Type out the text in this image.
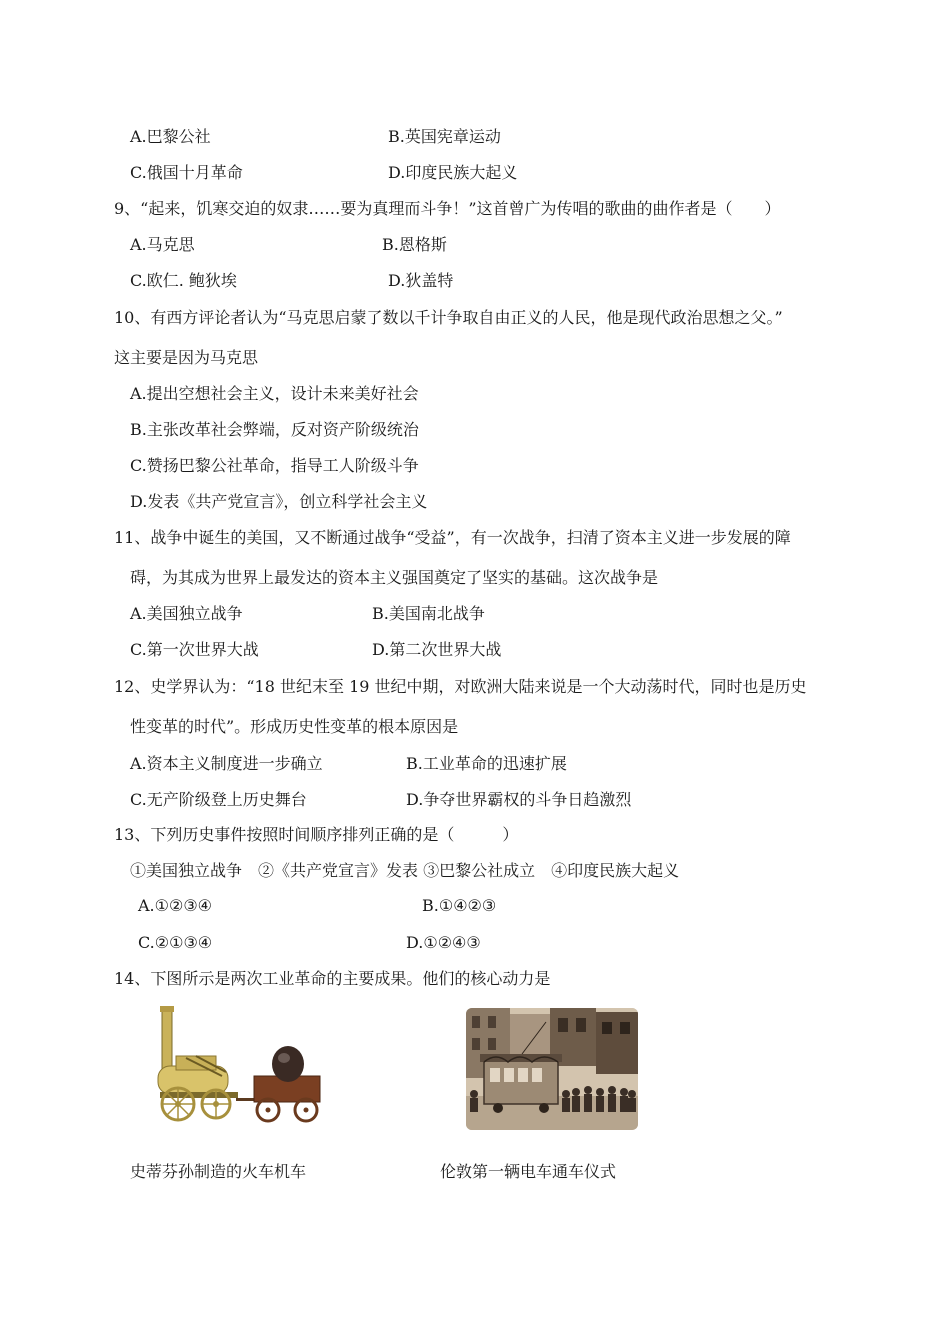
A.巴黎公社	B.英国宪章运动
C.俄国十月革命	D.印度民族大起义
9、“起来，饥寒交迫的奴隶……要为真理而斗争！”这首曾广为传唱的歌曲的曲作者是（　　）
A.马克思	B.恩格斯
C.欧仁. 鲍狄埃	D.狄盖特
10、有西方评论者认为“马克思启蒙了数以千计争取自由正义的人民，他是现代政治思想之父。”
这主要是因为马克思
A.提出空想社会主义，设计未来美好社会
B.主张改革社会弊端，反对资产阶级统治
C.赞扬巴黎公社革命，指导工人阶级斗争
D.发表《共产党宣言》，创立科学社会主义
11、战争中诞生的美国，又不断通过战争“受益”，有一次战争，扫清了资本主义进一步发展的障
碍，为其成为世界上最发达的资本主义强国奠定了坚实的基础。这次战争是
A.美国独立战争	B.美国南北战争
C.第一次世界大战	D.第二次世界大战
12、史学界认为：“18 世纪末至 19 世纪中期，对欧洲大陆来说是一个大动荡时代，同时也是历史
性变革的时代”。形成历史性变革的根本原因是
A.资本主义制度进一步确立	B.工业革命的迅速扩展
C.无产阶级登上历史舞台	D.争夺世界霸权的斗争日趋激烈
13、下列历史事件按照时间顺序排列正确的是（　　　）
①美国独立战争　②《共产党宣言》发表 ③巴黎公社成立　④印度民族大起义
A.①②③④	B.①④②③
C.②①③④	D.①②④③
14、下图所示是两次工业革命的主要成果。他们的核心动力是
史蒂芬孙制造的火车机车	伦敦第一辆电车通车仪式
